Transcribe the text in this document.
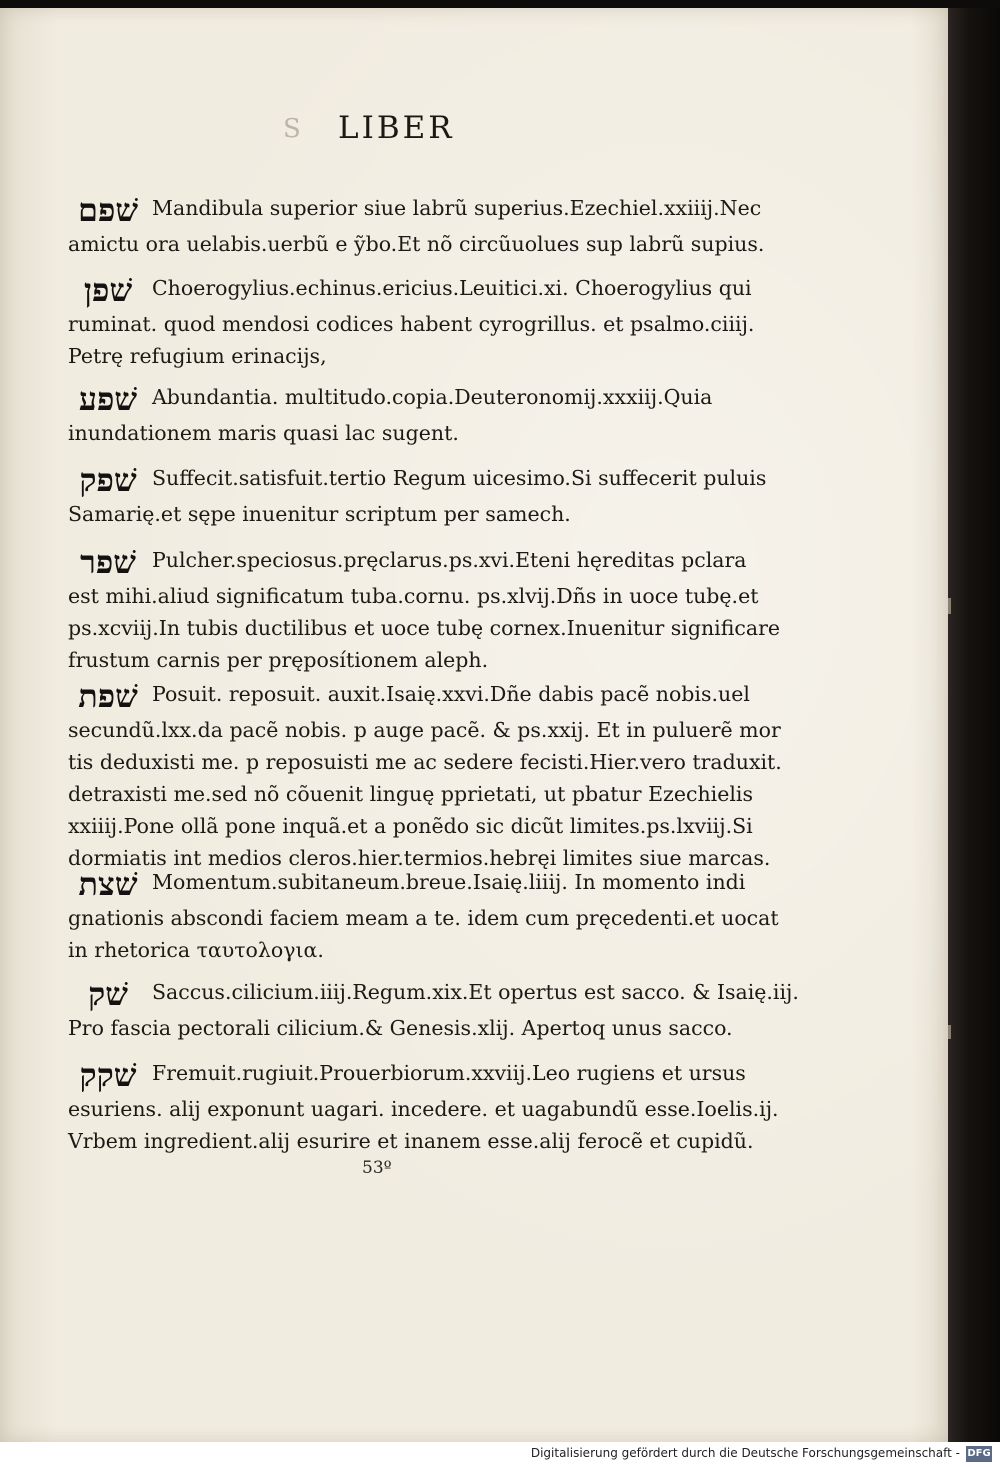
S LIBER
שׁפם Mandibula superior siue labrũ superius.Ezechiel.xxiiij.Nec
amictu ora uelabis.uerbũ e ỹbo.Et nõ circũuolues sup labrũ supius.
שׁפן Choerogylius.echinus.ericius.Leuitici.xi. Choerogylius qui
ruminat. quod mendosi codices habent cyrogrillus. et psalmo.ciiij.
Petrę refugium erinacijs,
שׁפע Abundantia. multitudo.copia.Deuteronomij.xxxiij.Quia
inundationem maris quasi lac sugent.
שׁפק Suffecit.satisfuit.tertio Regum uicesimo.Si suffecerit puluis
Samarię.et sępe inuenitur scriptum per samech.
שׁפר Pulcher.speciosus.pręclarus.ps.xvi.Eteni hęreditas pclara
est mihi.aliud significatum tuba.cornu. ps.xlvij.Dñs in uoce tubę.et
ps.xcviij.In tubis ductilibus et uoce tubę cornex.Inuenitur significare
frustum carnis per pręposítionem aleph.
שׁפת Posuit. reposuit. auxit.Isaię.xxvi.Dñe dabis pacẽ nobis.uel
secundũ.lxx.da pacẽ nobis. p auge pacẽ. & ps.xxij. Et in puluerẽ mor
tis deduxisti me. p reposuisti me ac sedere fecisti.Hier.vero traduxit.
detraxisti me.sed nõ cõuenit linguę pprietati, ut pbatur Ezechielis
xxiiij.Pone ollã pone inquã.et a ponẽdo sic dicũt limites.ps.lxviij.Si
dormiatis int medios cleros.hier.termios.hebręi limites siue marcas.
שׁצת Momentum.subitaneum.breue.Isaię.liiij. In momento indi
gnationis abscondi faciem meam a te. idem cum pręcedenti.et uocat
in rhetorica ταυτολογια.
שׁק Saccus.cilicium.iiij.Regum.xix.Et opertus est sacco. & Isaię.iij.
Pro fascia pectorali cilicium.& Genesis.xlij. Apertoq unus sacco.
שׁקק Fremuit.rugiuit.Prouerbiorum.xxviij.Leo rugiens et ursus
esuriens. alij exponunt uagari. incedere. et uagabundũ esse.Ioelis.ij.
Vrbem ingredient.alij esurire et inanem esse.alij ferocẽ et cupidũ.
53º
Digitalisierung gefördert durch die Deutsche Forschungsgemeinschaft - DFG
